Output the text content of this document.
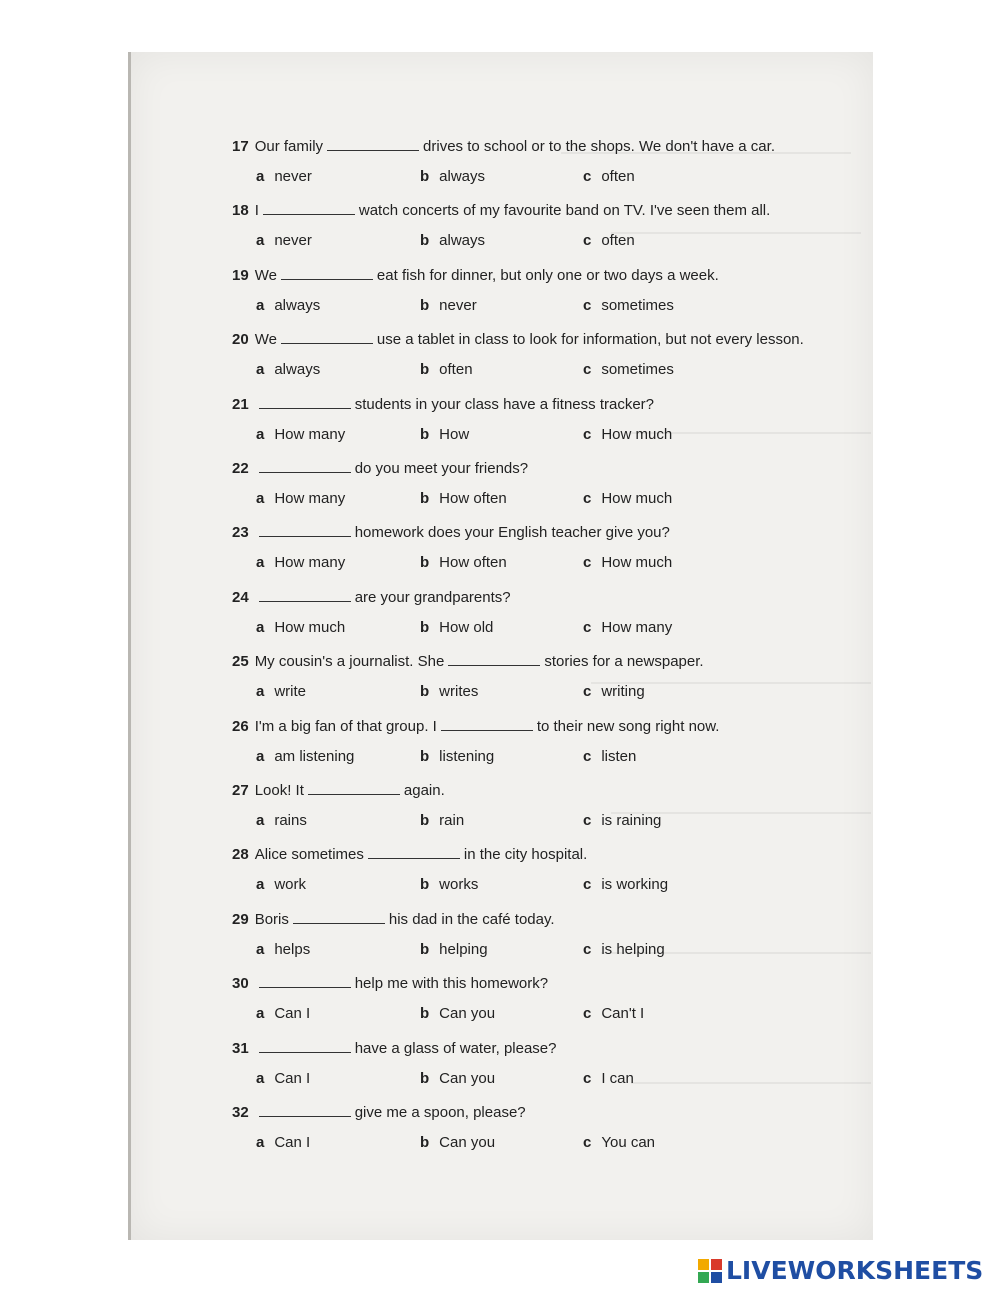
17 Our family	drives to school or to the shops. We don't have a car.
a never	b always	c often
18 I	watch concerts of my favourite band on TV. I've seen them all.
a never	b always	c often
19 We	eat fish for dinner, but only one or two days a week.
a always	b never	c sometimes
20 We	use a tablet in class to look for information, but not every lesson.
a always	b often	c sometimes
21	students in your class have a fitness tracker?
a How many	b How	c How much
22	do you meet your friends?
a How many	b How often	c How much
23	homework does your English teacher give you?
a How many	b How often	c How much
24	are your grandparents?
a How much	b How old	c How many
25 My cousin's a journalist. She	stories for a newspaper.
a write	b writes	c writing
26 I'm a big fan of that group. I	to their new song right now.
a am listening	b listening	c listen
27 Look! It	again.
a rains	b rain	c is raining
28 Alice sometimes	in the city hospital.
a work	b works	c is working
29 Boris	his dad in the café today.
a helps	b helping	c is helping
30	help me with this homework?
a Can I	b Can you	c Can't I
31	have a glass of water, please?
a Can I	b Can you	c I can
32	give me a spoon, please?
a Can I	b Can you	c You can
LIVEWORKSHEETS
